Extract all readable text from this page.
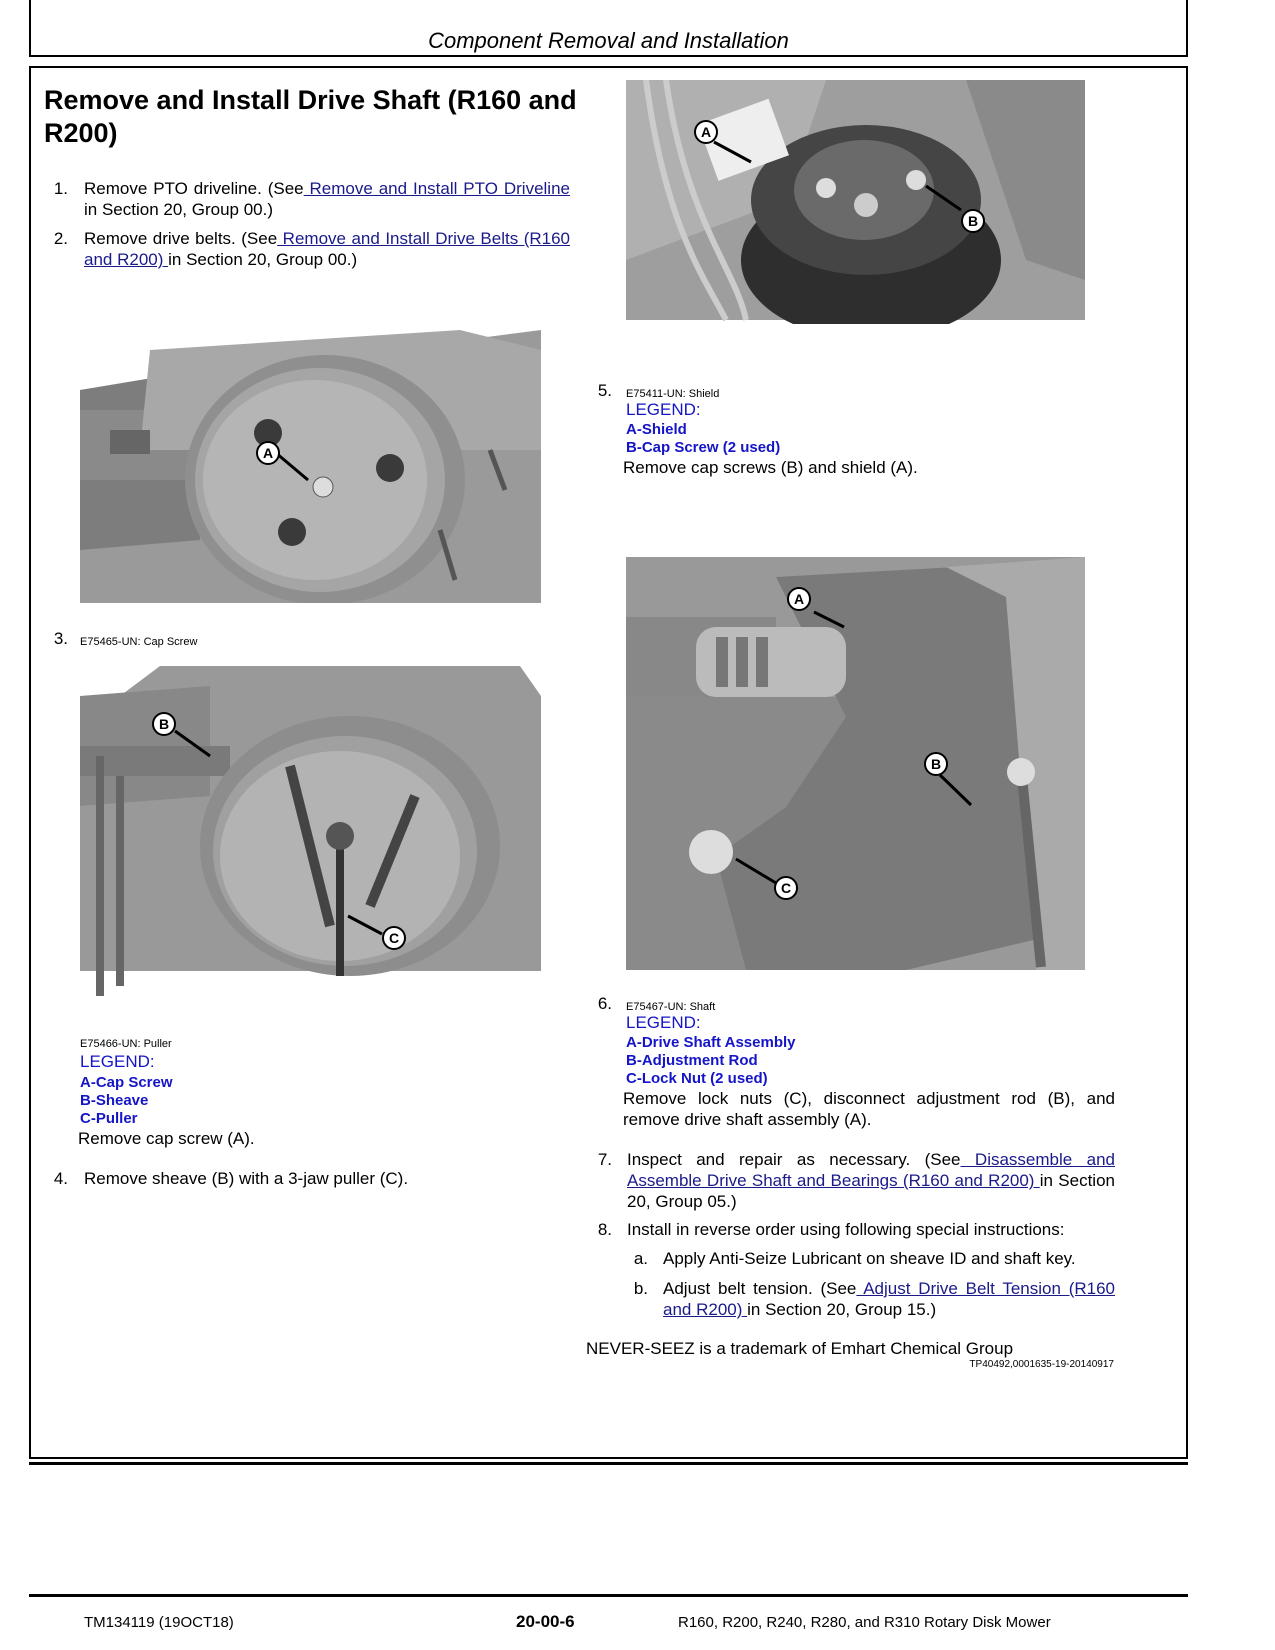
Component Removal and Installation
Remove and Install Drive Shaft (R160 and R200)
1. Remove PTO driveline. (See Remove and Install PTO Driveline in Section 20, Group 00.)
2. Remove drive belts. (See Remove and Install Drive Belts (R160 and R200) in Section 20, Group 00.)
A
3. E75465-UN: Cap Screw
B
C
E75466-UN: Puller
LEGEND:
A-Cap Screw
B-Sheave
C-Puller
Remove cap screw (A).
4. Remove sheave (B) with a 3-jaw puller (C).
A
B
5. E75411-UN: Shield
LEGEND:
A-Shield
B-Cap Screw (2 used)
Remove cap screws (B) and shield (A).
A
B
C
6. E75467-UN: Shaft
LEGEND:
A-Drive Shaft Assembly
B-Adjustment Rod
C-Lock Nut (2 used)
Remove lock nuts (C), disconnect adjustment rod (B), and remove drive shaft assembly (A).
7. Inspect and repair as necessary. (See Disassemble and Assemble Drive Shaft and Bearings (R160 and R200) in Section 20, Group 05.)
8. Install in reverse order using following special instructions:
a. Apply Anti-Seize Lubricant on sheave ID and shaft key.
b. Adjust belt tension. (See Adjust Drive Belt Tension (R160 and R200) in Section 20, Group 15.)
NEVER-SEEZ is a trademark of Emhart Chemical Group
TP40492,0001635-19-20140917
TM134119 (19OCT18)	20-00-6	R160, R200, R240, R280, and R310 Rotary Disk Mower
